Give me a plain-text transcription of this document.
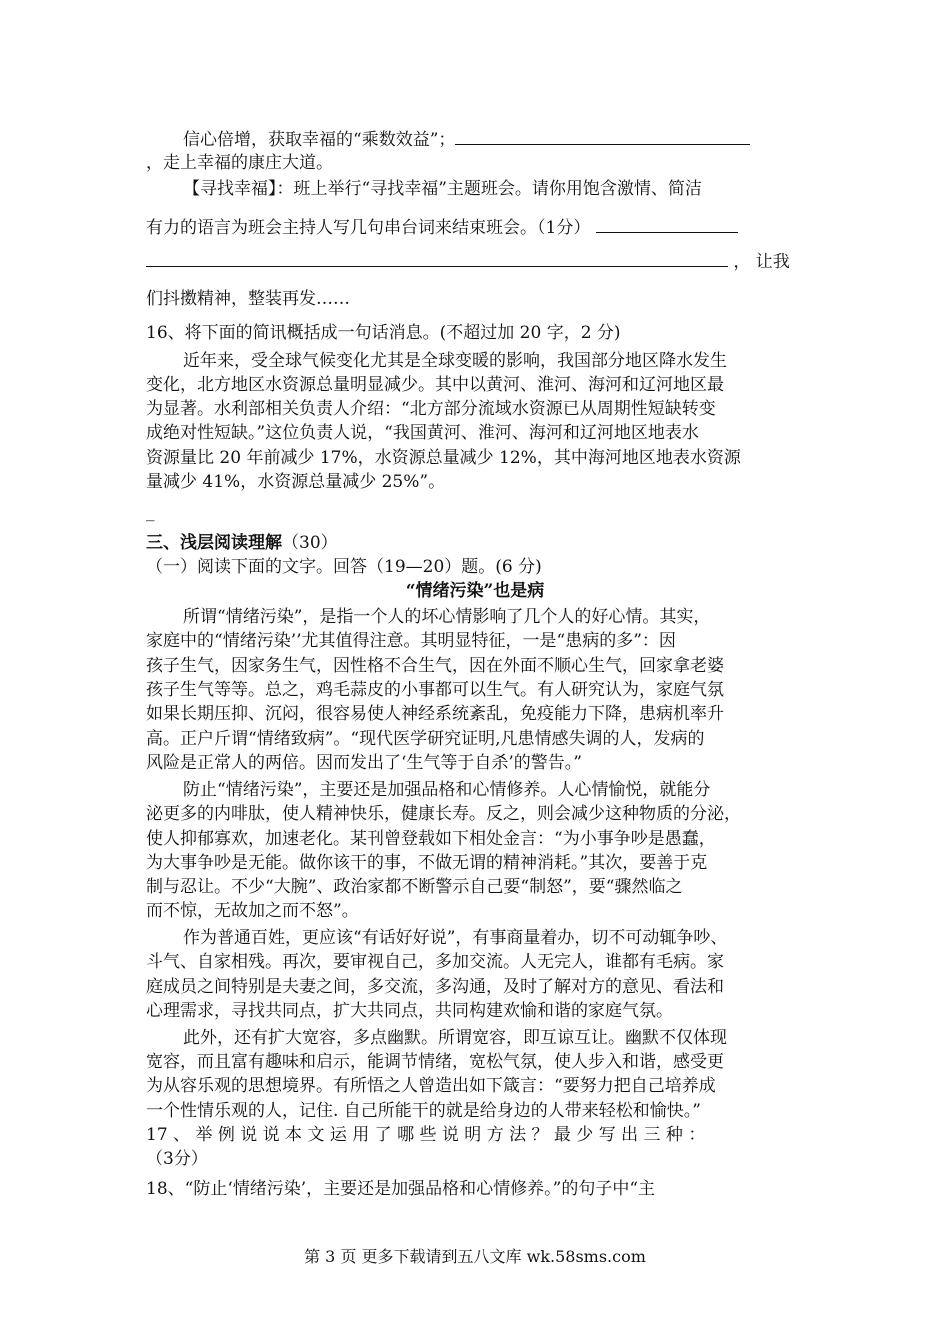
信心倍增，获取幸福的“乘数效益”；
，走上幸福的康庄大道。
【寻找幸福】：班上举行“寻找幸福”主题班会。请你用饱含激情、简洁
有力的语言为班会主持人写几句串台词来结束班会。（1分）
， 让我
们抖擞精神，整装再发……
16、将下面的简讯概括成一句话消息。(不超过加 20 字，2 分)
近年来，受全球气候变化尤其是全球变暖的影响，我国部分地区降水发生
变化，北方地区水资源总量明显减少。其中以黄河、淮河、海河和辽河地区最
为显著。水利部相关负责人介绍：“北方部分流域水资源已从周期性短缺转变
成绝对性短缺。”这位负责人说，“我国黄河、淮河、海河和辽河地区地表水
资源量比 20 年前减少 17%，水资源总量减少 12%，其中海河地区地表水资源
量减少 41%，水资源总量减少 25%”。
_
三、浅层阅读理解（30）
（一）阅读下面的文字。回答（19—20）题。(6 分)
“情绪污染”也是病
所谓“情绪污染”，是指一个人的坏心情影响了几个人的好心情。其实，
家庭中的“情绪污染’’尤其值得注意。其明显特征，一是“患病的多”：因
孩子生气，因家务生气，因性格不合生气，因在外面不顺心生气，回家拿老婆
孩子生气等等。总之，鸡毛蒜皮的小事都可以生气。有人研究认为，家庭气氛
如果长期压抑、沉闷，很容易使人神经系统紊乱，免疫能力下降，患病机率升
高。正户斤谓“情绪致病”。“现代医学研究证明,凡患情感失调的人，发病的
风险是正常人的两倍。因而发出了‘生气等于自杀’的警告。”
防止“情绪污染”，主要还是加强品格和心情修养。人心情愉悦，就能分
泌更多的内啡肽，使人精神快乐，健康长寿。反之，则会减少这种物质的分泌，
使人抑郁寡欢，加速老化。某刊曾登载如下相处金言：“为小事争吵是愚蠢，
为大事争吵是无能。做你该干的事，不做无谓的精神消耗。”其次，要善于克
制与忍让。不少“大腕”、政治家都不断警示自己要“制怒”，要“骤然临之
而不惊，无故加之而不怒”。
作为普通百姓，更应该“有话好好说”，有事商量着办，切不可动辄争吵、
斗气、自家相残。再次，要审视自己，多加交流。人无完人，谁都有毛病。家
庭成员之间特别是夫妻之间，多交流，多沟通，及时了解对方的意见、看法和
心理需求，寻找共同点，扩大共同点，共同构建欢愉和谐的家庭气氛。
此外，还有扩大宽容，多点幽默。所谓宽容，即互谅互让。幽默不仅体现
宽容，而且富有趣味和启示，能调节情绪，宽松气氛，使人步入和谐，感受更
为从容乐观的思想境界。有所悟之人曾造出如下箴言：“要努力把自己培养成
一个性情乐观的人，记住. 自己所能干的就是给身边的人带来轻松和愉快。”
17 、 举 例 说 说 本 文 运 用 了 哪 些 说 明 方 法 ？ 最 少 写 出 三 种 ：
（3分）
18、“防止‘情绪污染’，主要还是加强品格和心情修养。”的句子中“主
第 3 页 更多下载请到五八文库 wk.58sms.com
